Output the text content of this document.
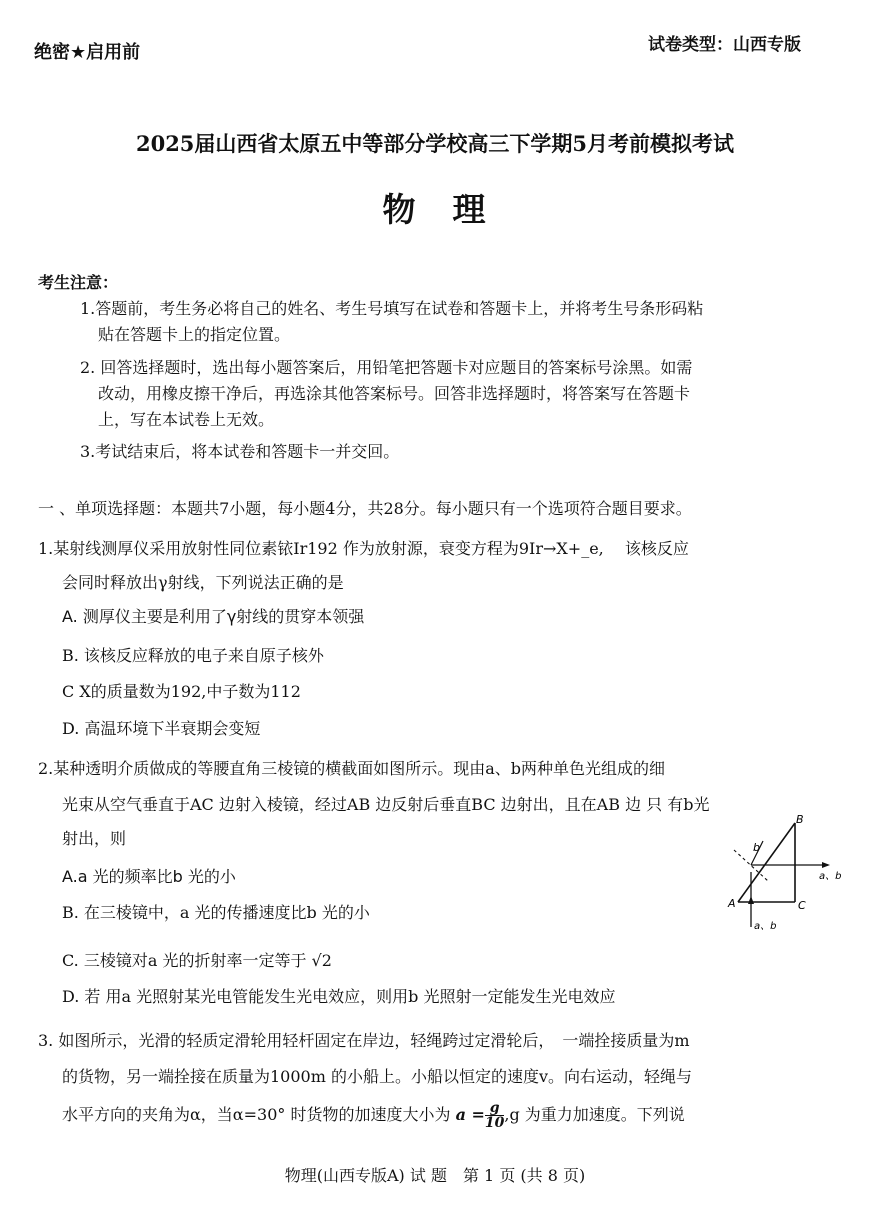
绝密★启用前	试卷类型：山西专版
2025届山西省太原五中等部分学校高三下学期5月考前模拟考试
物　理
考生注意：
1.答题前，考生务必将自己的姓名、考生号填写在试卷和答题卡上，并将考生号条形码粘
贴在答题卡上的指定位置。
2. 回答选择题时，选出每小题答案后，用铅笔把答题卡对应题目的答案标号涂黑。如需
改动，用橡皮擦干净后，再选涂其他答案标号。回答非选择题时，将答案写在答题卡
上，写在本试卷上无效。
3.考试结束后，将本试卷和答题卡一并交回。
一 、单项选择题：本题共7小题，每小题4分，共28分。每小题只有一个选项符合题目要求。
1.某射线测厚仪采用放射性同位素铱Ir192 作为放射源，衰变方程为9Ir→X+_e,　 该核反应
会同时释放出γ射线，下列说法正确的是
A. 测厚仪主要是利用了γ射线的贯穿本领强
B. 该核反应释放的电子来自原子核外
C X的质量数为192,中子数为112
D. 高温环境下半衰期会变短
2.某种透明介质做成的等腰直角三棱镜的横截面如图所示。现由a、b两种单色光组成的细
光束从空气垂直于AC 边射入棱镜，经过AB 边反射后垂直BC 边射出，且在AB 边 只 有b光
射出，则
A.a 光的频率比b 光的小
B. 在三棱镜中，a 光的传播速度比b 光的小
C. 三棱镜对a 光的折射率一定等于 √2
D. 若 用a 光照射某光电管能发生光电效应，则用b 光照射一定能发生光电效应
A
B
C
b
a、b
a、b
3. 如图所示，光滑的轻质定滑轮用轻杆固定在岸边，轻绳跨过定滑轮后，　一端拴接质量为m
的货物，另一端拴接在质量为1000m 的小船上。小船以恒定的速度v。向右运动，轻绳与
水平方向的夹角为α，当α=30° 时货物的加速度大小为 $a = \frac{g}{10} ,g$ 为重力加速度。下列说
物理(山西专版A) 试 题　第 1 页 (共 8 页)
